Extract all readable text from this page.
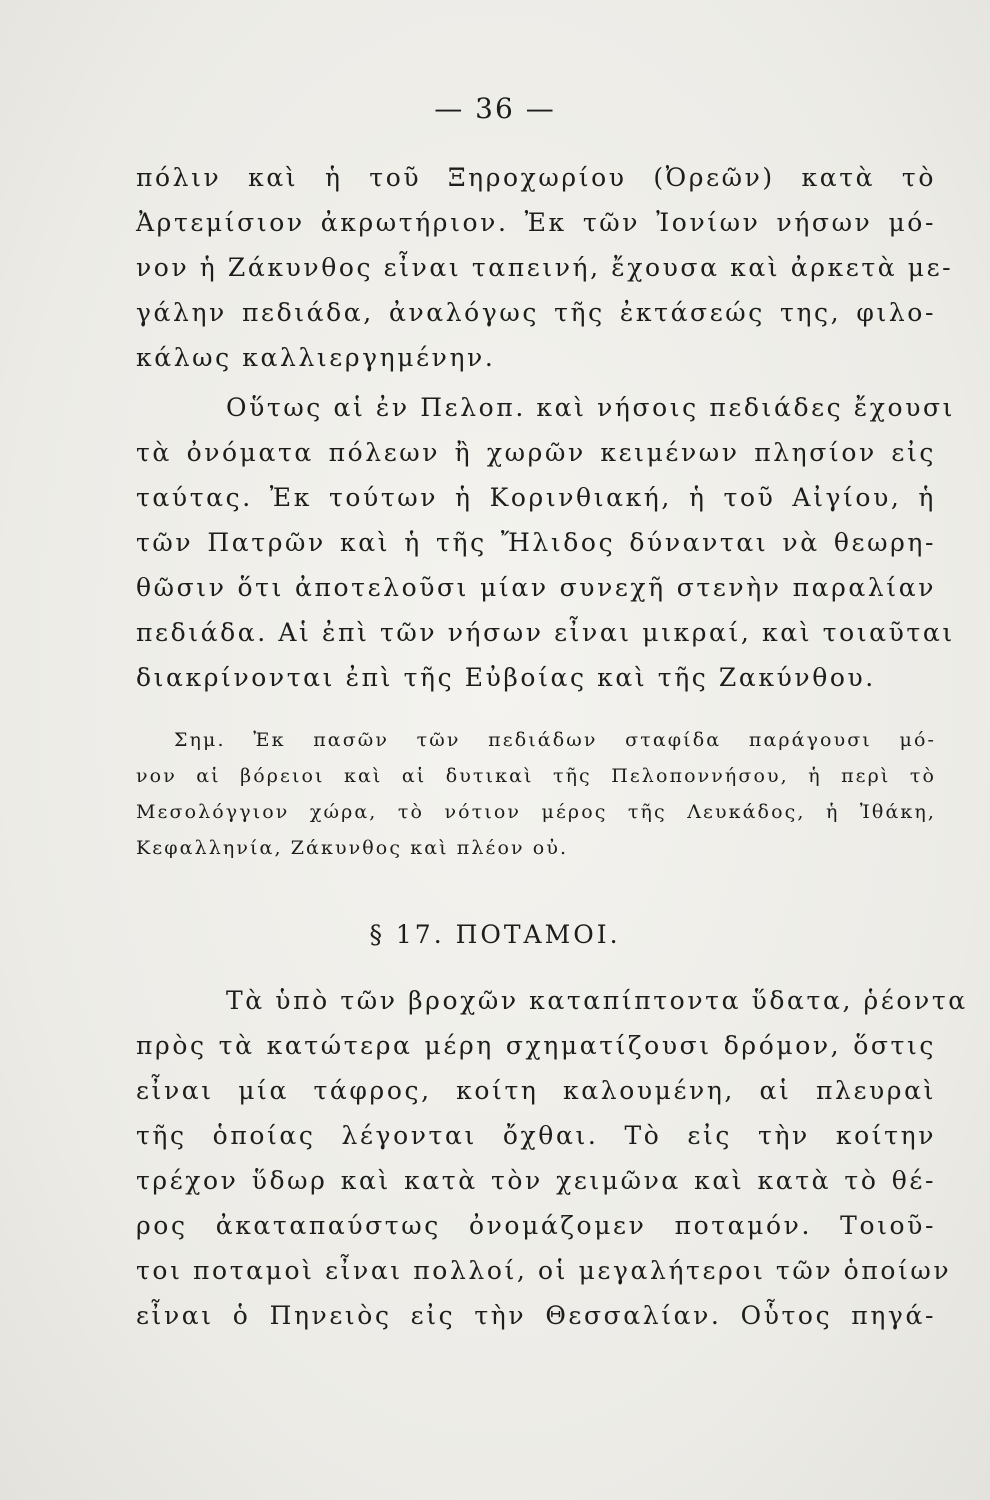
— 36 —
πόλιν καὶ ἡ τοῦ Ξηροχωρίου (Ὀρεῶν) κατὰ τὸ
Ἀρτεμίσιον ἀκρωτήριον. Ἐκ τῶν Ἰονίων νήσων μό-
νον ἡ Ζάκυνθος εἶναι ταπεινή, ἔχουσα καὶ ἀρκετὰ με-
γάλην πεδιάδα, ἀναλόγως τῆς ἐκτάσεώς της, φιλο-
κάλως καλλιεργημένην.
Οὕτως αἱ ἐν Πελοπ. καὶ νήσοις πεδιάδες ἔχουσι
τὰ ὀνόματα πόλεων ἢ χωρῶν κειμένων πλησίον εἰς
ταύτας. Ἐκ τούτων ἡ Κορινθιακή, ἡ τοῦ Αἰγίου, ἡ
τῶν Πατρῶν καὶ ἡ τῆς Ἤλιδος δύνανται νὰ θεωρη-
θῶσιν ὅτι ἀποτελοῦσι μίαν συνεχῆ στενὴν παραλίαν
πεδιάδα. Αἱ ἐπὶ τῶν νήσων εἶναι μικραί, καὶ τοιαῦται
διακρίνονται ἐπὶ τῆς Εὐβοίας καὶ τῆς Ζακύνθου.
Σημ. Ἐκ πασῶν τῶν πεδιάδων σταφίδα παράγουσι μό-
νον αἱ βόρειοι καὶ αἱ δυτικαὶ τῆς Πελοποννήσου, ἡ περὶ τὸ
Μεσολόγγιον χώρα, τὸ νότιον μέρος τῆς Λευκάδος, ἡ Ἰθάκη,
Κεφαλληνία, Ζάκυνθος καὶ πλέον οὐ.
§ 17. ΠΟΤΑΜΟΙ.
Τὰ ὑπὸ τῶν βροχῶν καταπίπτοντα ὕδατα, ῥέοντα
πρὸς τὰ κατώτερα μέρη σχηματίζουσι δρόμον, ὅστις
εἶναι μία τάφρος, κοίτη καλουμένη, αἱ πλευραὶ
τῆς ὁποίας λέγονται ὄχθαι. Τὸ εἰς τὴν κοίτην
τρέχον ὕδωρ καὶ κατὰ τὸν χειμῶνα καὶ κατὰ τὸ θέ-
ρος ἀκαταπαύστως ὀνομάζομεν ποταμόν. Τοιοῦ-
τοι ποταμοὶ εἶναι πολλοί, οἱ μεγαλήτεροι τῶν ὁποίων
εἶναι ὁ Πηνειὸς εἰς τὴν Θεσσαλίαν. Οὗτος πηγά-
